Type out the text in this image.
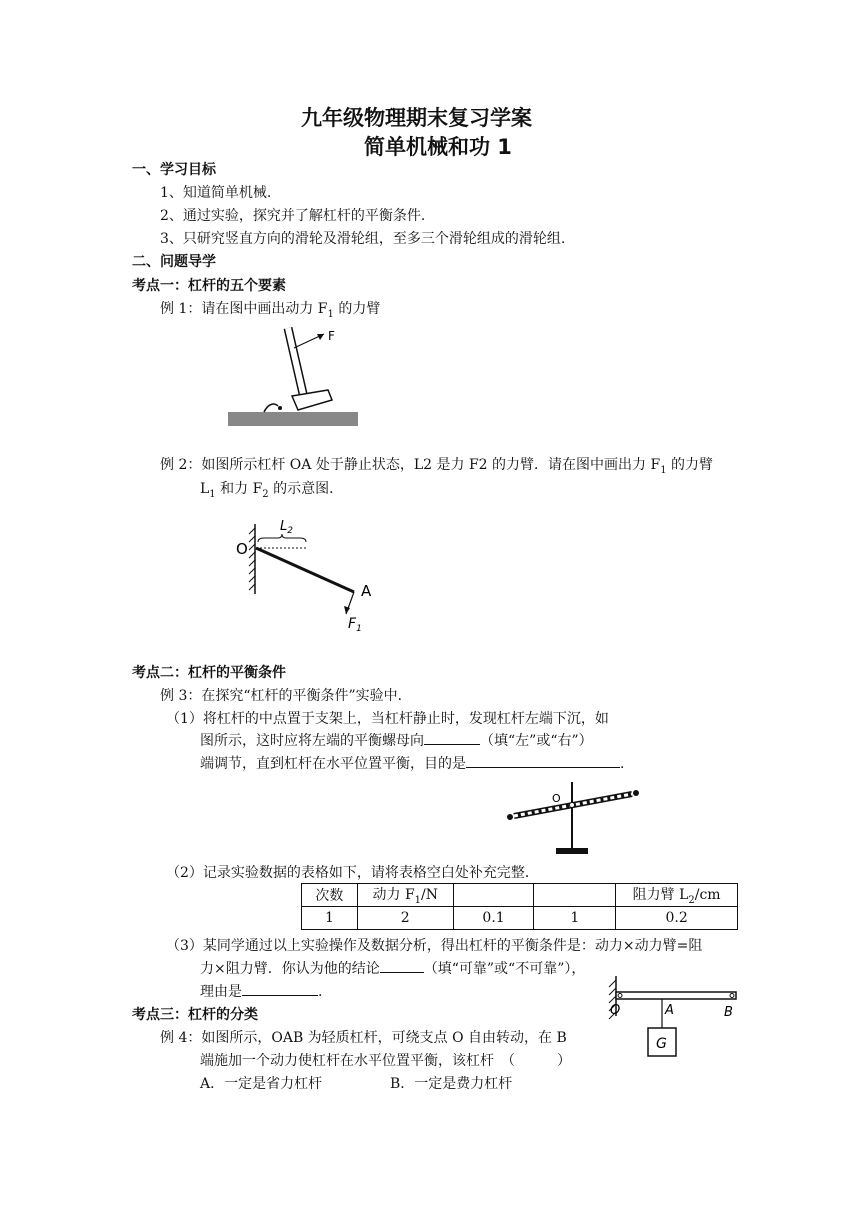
九年级物理期末复习学案
简单机械和功 1
一、学习目标
1、知道简单机械.
2、通过实验，探究并了解杠杆的平衡条件.
3、只研究竖直方向的滑轮及滑轮组，至多三个滑轮组成的滑轮组.
二、问题导学
考点一：杠杆的五个要素
例 1：请在图中画出动力 $F_1$ 的力臂
F
例 2：如图所示杠杆 OA 处于静止状态，L2 是力 F2 的力臂．请在图中画出力 $F_1$ 的力臂
$L_1$ 和力 $F_2$ 的示意图．
$L_2$
O
A
$F_1$
考点二：杠杆的平衡条件
例 3：在探究“杠杆的平衡条件”实验中．
（1）将杠杆的中点置于支架上，当杠杆静止时，发现杠杆左端下沉，如
图所示，这时应将左端的平衡螺母向	（填“左”或“右”）
端调节，直到杠杆在水平位置平衡，目的是	.
O
（2）记录实验数据的表格如下，请将表格空白处补充完整．
次数	动力 $F_1/N$			阻力臂 $L_2/cm$
1	2	0.1	1	0.2
（3）某同学通过以上实验操作及数据分析，得出杠杆的平衡条件是：动力×动力臂=阻
力×阻力臂．你认为他的结论	（填“可靠”或“不可靠”），
理由是	.
考点三：杠杆的分类
例 4：如图所示，OAB 为轻质杠杆，可绕支点 O 自由转动，在 B
端施加一个动力使杠杆在水平位置平衡，该杠杆　（　　　）
A．一定是省力杠杆	B．一定是费力杠杆
G
O	A	B
